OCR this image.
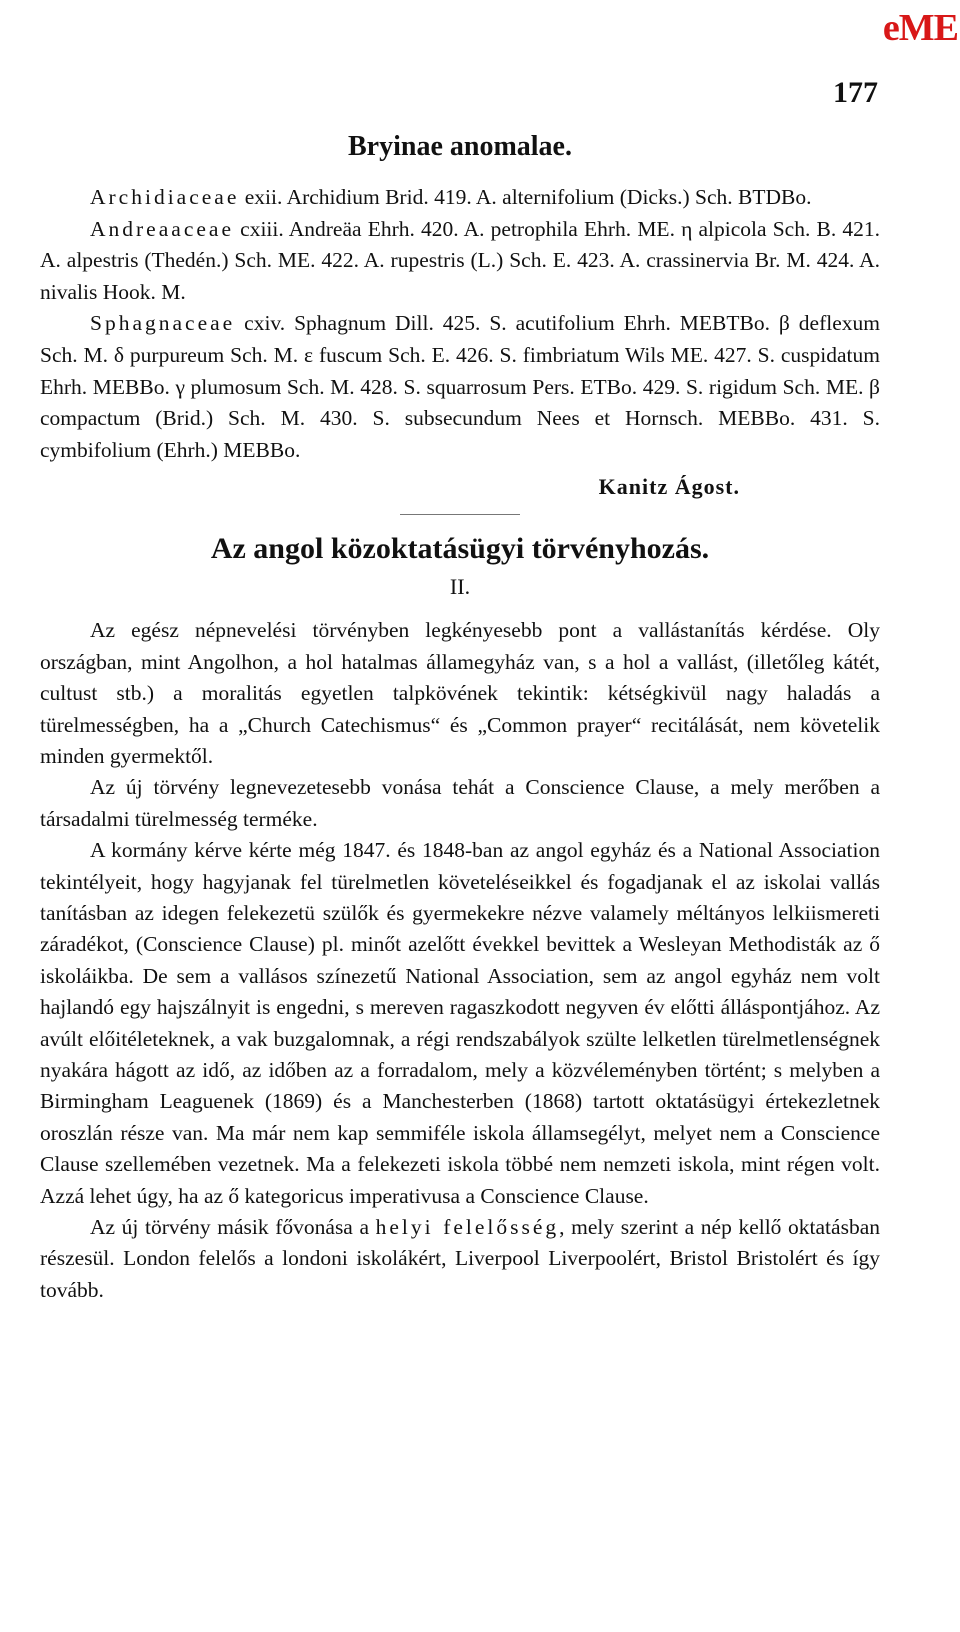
eME
177
Bryinae anomalae.

Archidiaceae exii. Archidium Brid. 419. A. alternifolium (Dicks.) Sch. BTDBo.

Andreaaceae cxiii. Andreäa Ehrh. 420. A. petrophila Ehrh. ME. η alpicola Sch. B. 421. A. alpestris (Thedén.) Sch. ME. 422. A. rupestris (L.) Sch. E. 423. A. crassinervia Br. M. 424. A. nivalis Hook. M.

Sphagnaceae cxiv. Sphagnum Dill. 425. S. acutifolium Ehrh. MEBTBo. β deflexum Sch. M. δ purpureum Sch. M. ε fuscum Sch. E. 426. S. fimbriatum Wils ME. 427. S. cuspidatum Ehrh. MEBBo. γ plumosum Sch. M. 428. S. squarrosum Pers. ETBo. 429. S. rigidum Sch. ME. β compactum (Brid.) Sch. M. 430. S. subsecundum Nees et Hornsch. MEBBo. 431. S. cymbifolium (Ehrh.) MEBBo.

Kanitz Ágost.
Az angol közoktatásügyi törvényhozás.
II.

Az egész népnevelési törvényben legkényesebb pont a vallástanítás kérdése. Oly országban, mint Angolhon, a hol hatalmas államegyház van, s a hol a vallást, (illetőleg kátét, cultust stb.) a moralitás egyetlen talpkövének tekintik: kétségkivül nagy haladás a türelmességben, ha a „Church Catechismus“ és „Common prayer“ recitálását, nem követelik minden gyermektől.

Az új törvény legnevezetesebb vonása tehát a Conscience Clause, a mely merőben a társadalmi türelmesség terméke.

A kormány kérve kérte még 1847. és 1848-ban az angol egyház és a National Association tekintélyeit, hogy hagyjanak fel türelmetlen követeléseikkel és fogadjanak el az iskolai vallás tanításban az idegen felekezetü szülők és gyermekekre nézve valamely méltányos lelkiismereti záradékot, (Conscience Clause) pl. minőt azelőtt évekkel bevittek a Wesleyan Methodisták az ő iskoláikba. De sem a vallásos színezetű National Association, sem az angol egyház nem volt hajlandó egy hajszálnyit is engedni, s mereven ragaszkodott negyven év előtti álláspontjához. Az avúlt előitéleteknek, a vak buzgalomnak, a régi rendszabályok szülte lelketlen türelmetlenségnek nyakára hágott az idő, az időben az a forradalom, mely a közvéleményben történt; s melyben a Birmingham Leaguenek (1869) és a Manchesterben (1868) tartott oktatásügyi értekezletnek oroszlán része van. Ma már nem kap semmiféle iskola államsegélyt, melyet nem a Conscience Clause szellemében vezetnek. Ma a felekezeti iskola többé nem nemzeti iskola, mint régen volt. Azzá lehet úgy, ha az ő kategoricus imperativusa a Conscience Clause.

Az új törvény másik fővonása a helyi felelősség, mely szerint a nép kellő oktatásban részesül. London felelős a londoni iskolákért, Liverpool Liverpoolért, Bristol Bristolért és így tovább.
